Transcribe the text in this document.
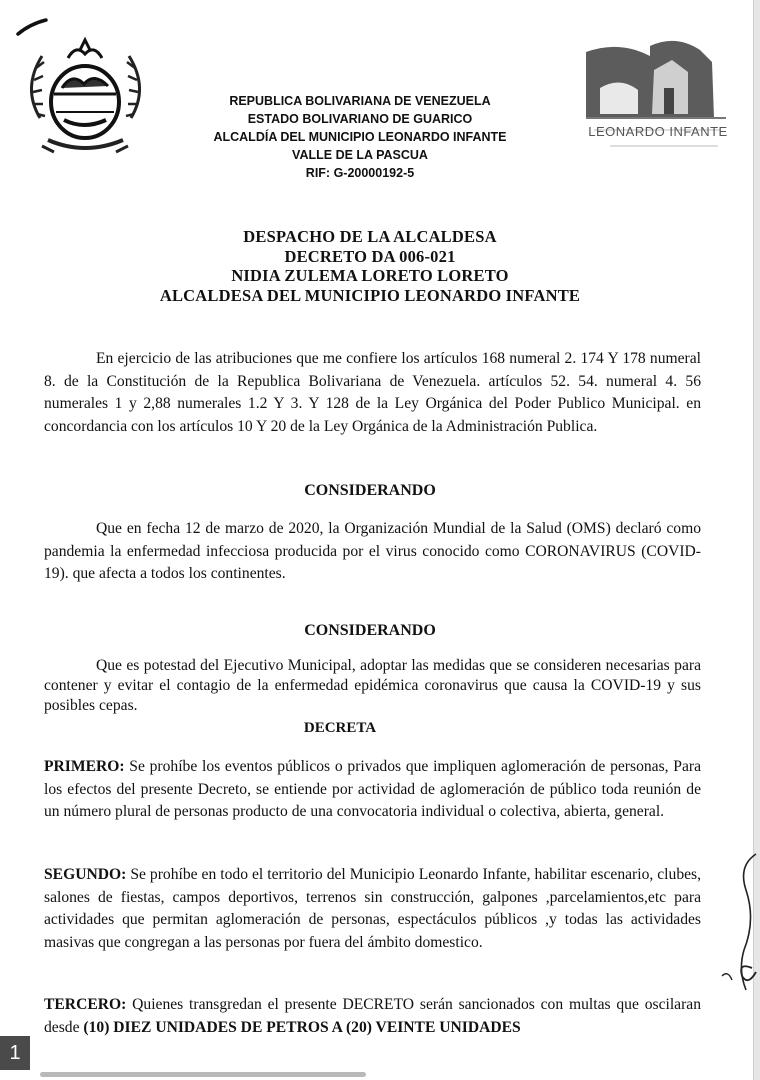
REPUBLICA BOLIVARIANA DE VENEZUELA
ESTADO BOLIVARIANO DE GUARICO
ALCALDÍA DEL MUNICIPIO LEONARDO INFANTE
VALLE DE LA PASCUA
RIF: G-20000192-5
LEONARDO INFANTE
DESPACHO DE LA ALCALDESA
DECRETO DA 006-021
NIDIA ZULEMA LORETO LORETO
ALCALDESA DEL MUNICIPIO LEONARDO INFANTE
En ejercicio de las atribuciones que me confiere los artículos 168 numeral 2. 174 Y 178 numeral 8. de la Constitución de la Republica Bolivariana de Venezuela. artículos 52. 54. numeral 4. 56 numerales 1 y 2,88 numerales 1.2 Y 3. Y 128 de la Ley Orgánica del Poder Publico Municipal. en concordancia con los artículos 10 Y 20 de la Ley Orgánica de la Administración Publica.
CONSIDERANDO
Que en fecha 12 de marzo de 2020, la Organización Mundial de la Salud (OMS) declaró como pandemia la enfermedad infecciosa producida por el virus conocido como CORONAVIRUS (COVID-19). que afecta a todos los continentes.
CONSIDERANDO
Que es potestad del Ejecutivo Municipal, adoptar las medidas que se consideren necesarias para contener y evitar el contagio de la enfermedad epidémica coronavirus que causa la COVID-19 y sus posibles cepas.
DECRETA
PRIMERO: Se prohíbe los eventos públicos o privados que impliquen aglomeración de personas, Para los efectos del presente Decreto, se entiende por actividad de aglomeración de público toda reunión de un número plural de personas producto de una convocatoria individual o colectiva, abierta, general.
SEGUNDO: Se prohíbe en todo el territorio del Municipio Leonardo Infante, habilitar escenario, clubes, salones de fiestas, campos deportivos, terrenos sin construcción, galpones ,parcelamientos,etc para actividades que permitan aglomeración de personas, espectáculos públicos ,y todas las actividades masivas que congregan a las personas por fuera del ámbito domestico.
TERCERO: Quienes transgredan el presente DECRETO serán sancionados con multas que oscilaran desde (10) DIEZ UNIDADES DE PETROS A (20) VEINTE UNIDADES
1
